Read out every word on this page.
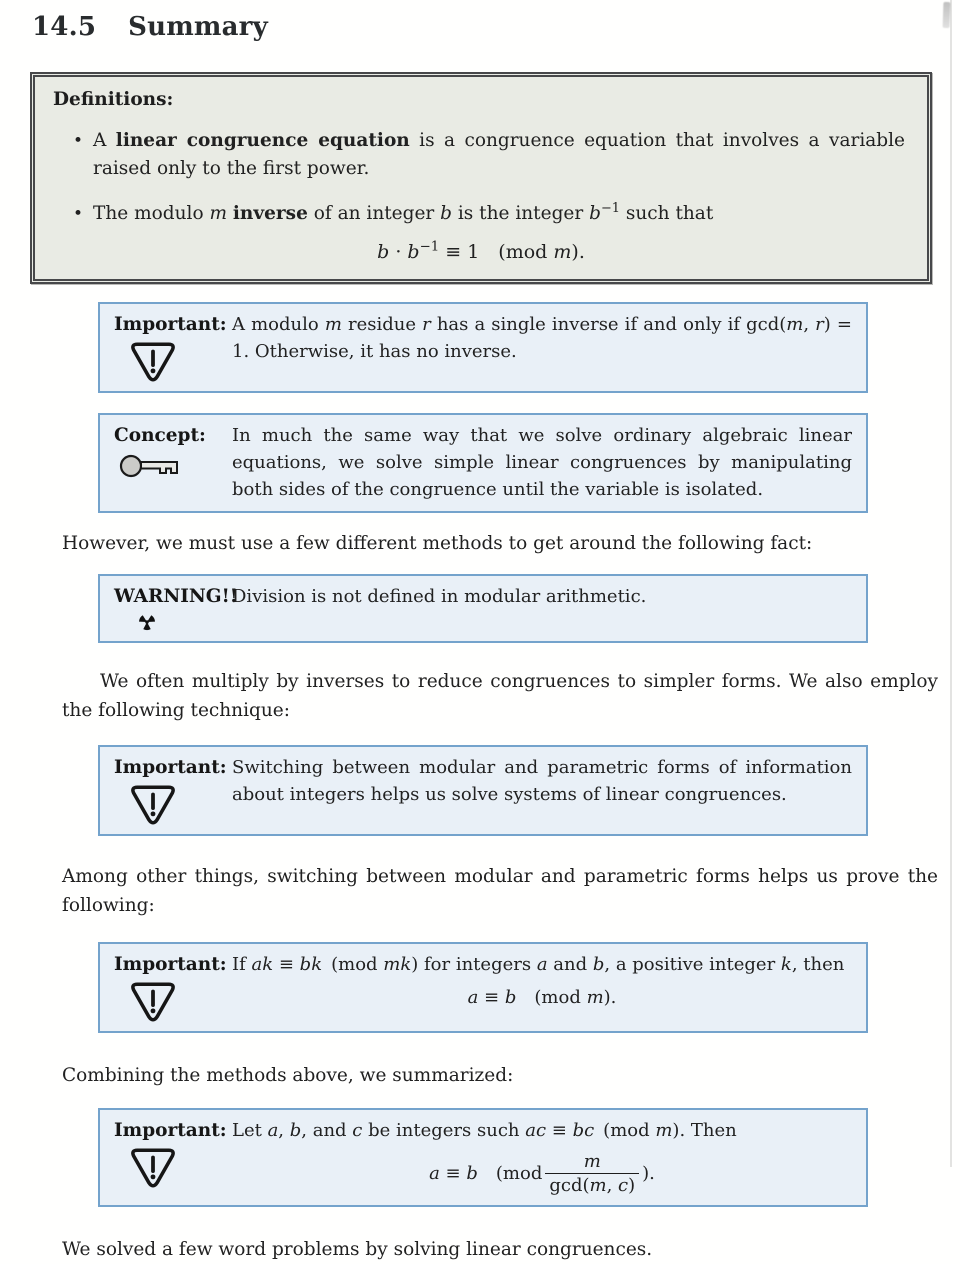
14.5 Summary
Definitions:
• A linear congruence equation is a congruence equation that involves a variable raised only to the first power.
• The modulo m inverse of an integer b is the integer $b^{-1}$ such that
$b \cdot b^{-1} \equiv 1$ (mod m).
Important: A modulo m residue r has a single inverse if and only if gcd(m, r) = 1. Otherwise, it has no inverse.
Concept:	In much the same way that we solve ordinary algebraic linear equations, we solve simple linear congruences by manipulating both sides of the congruence until the variable is isolated.

However, we must use a few different methods to get around the following fact:

WARNING!!
Division is not defined in modular arithmetic.

We often multiply by inverses to reduce congruences to simpler forms. We also employ the following technique:

Important: Switching between modular and parametric forms of information about integers helps us solve systems of linear congruences.

Among other things, switching between modular and parametric forms helps us prove the following:

Important: If ak ≡ bk (mod mk) for integers a and b, a positive integer k, then
a ≡ b (mod m).

Combining the methods above, we summarized:

Important: Let a, b, and c be integers such ac ≡ bc (mod m). Then
a ≡ b ($mod \frac{m}{\gcd(m, c)}$ ).

We solved a few word problems by solving linear congruences.
